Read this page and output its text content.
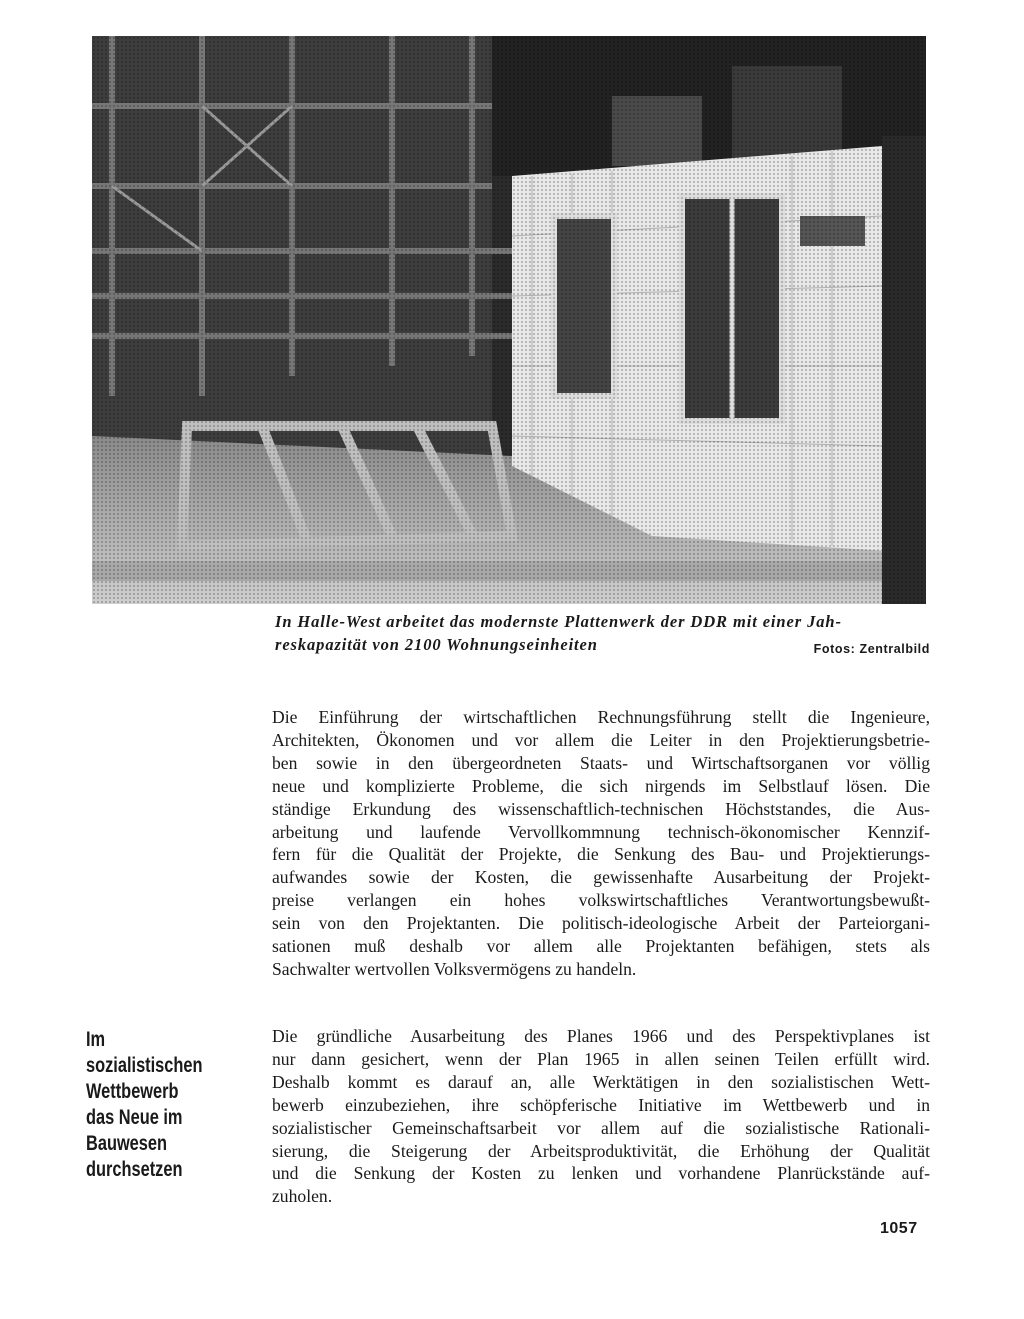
In Halle-West arbeitet das modernste Plattenwerk der DDR mit einer Jah-
reskapazität von 2100 Wohnungseinheiten	Fotos: Zentralbild
Die Einführung der wirtschaftlichen Rechnungsführung stellt die Ingenieure,
Architekten, Ökonomen und vor allem die Leiter in den Projektierungsbetrie-
ben sowie in den übergeordneten Staats- und Wirtschaftsorganen vor völlig
neue und komplizierte Probleme, die sich nirgends im Selbstlauf lösen. Die
ständige Erkundung des wissenschaftlich-technischen Höchststandes, die Aus-
arbeitung und laufende Vervollkommnung technisch-ökonomischer Kennzif-
fern für die Qualität der Projekte, die Senkung des Bau- und Projektierungs-
aufwandes sowie der Kosten, die gewissenhafte Ausarbeitung der Projekt-
preise verlangen ein hohes volkswirtschaftliches Verantwortungsbewußt-
sein von den Projektanten. Die politisch-ideologische Arbeit der Parteiorgani-
sationen muß deshalb vor allem alle Projektanten befähigen, stets als
Sachwalter wertvollen Volksvermögens zu handeln.
Im
sozialistischen
Wettbewerb
das Neue im
Bauwesen
durchsetzen
Die gründliche Ausarbeitung des Planes 1966 und des Perspektivplanes ist
nur dann gesichert, wenn der Plan 1965 in allen seinen Teilen erfüllt wird.
Deshalb kommt es darauf an, alle Werktätigen in den sozialistischen Wett-
bewerb einzubeziehen, ihre schöpferische Initiative im Wettbewerb und in
sozialistischer Gemeinschaftsarbeit vor allem auf die sozialistische Rationali-
sierung, die Steigerung der Arbeitsproduktivität, die Erhöhung der Qualität
und die Senkung der Kosten zu lenken und vorhandene Planrückstände auf-
zuholen.
1057
